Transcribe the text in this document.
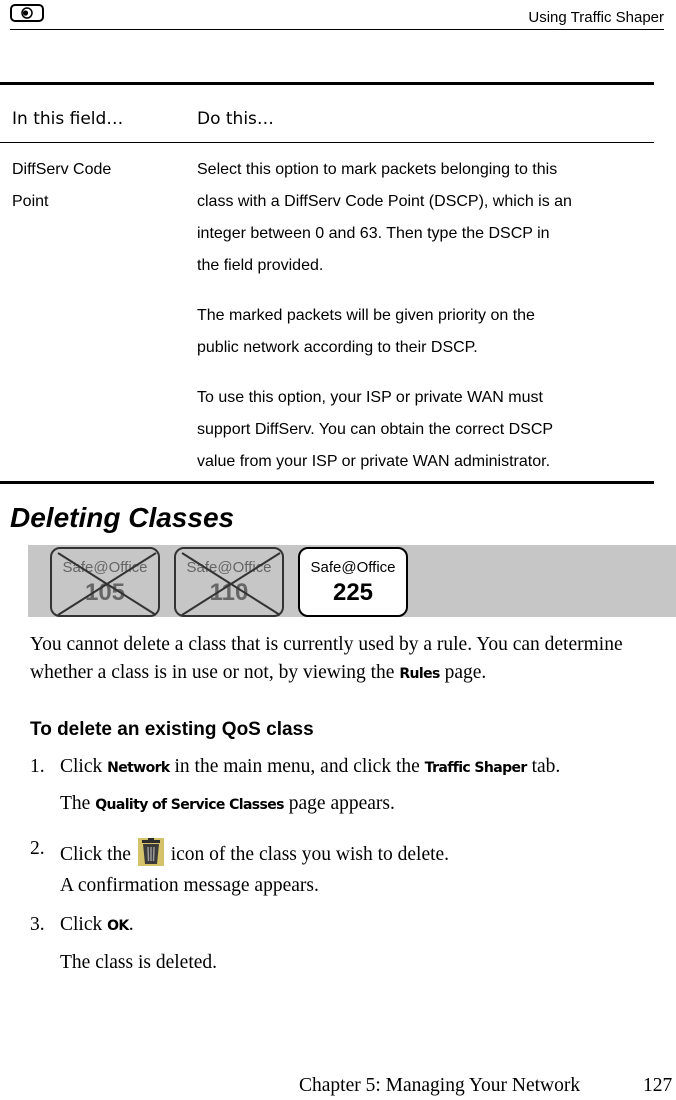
Using Traffic Shaper
In this field…	Do this…

DiffServ Code

Point

Select this option to mark packets belonging to this

class with a DiffServ Code Point (DSCP), which is an

integer between 0 and 63. Then type the DSCP in

the field provided.

The marked packets will be given priority on the

public network according to their DSCP.

To use this option, your ISP or private WAN must

support DiffServ. You can obtain the correct DSCP

value from your ISP or private WAN administrator.

Deleting Classes
Safe@Office
105
Safe@Office
110
Safe@Office
225
You cannot delete a class that is currently used by a rule. You can determine
whether a class is in use or not, by viewing the Rules page.
To delete an existing QoS class
1. Click Network in the main menu, and click the Traffic Shaper tab.
The Quality of Service Classes page appears.
2. Click the  icon of the class you wish to delete.
A confirmation message appears.
3. Click OK.
The class is deleted.
Chapter 5: Managing Your Network	127
